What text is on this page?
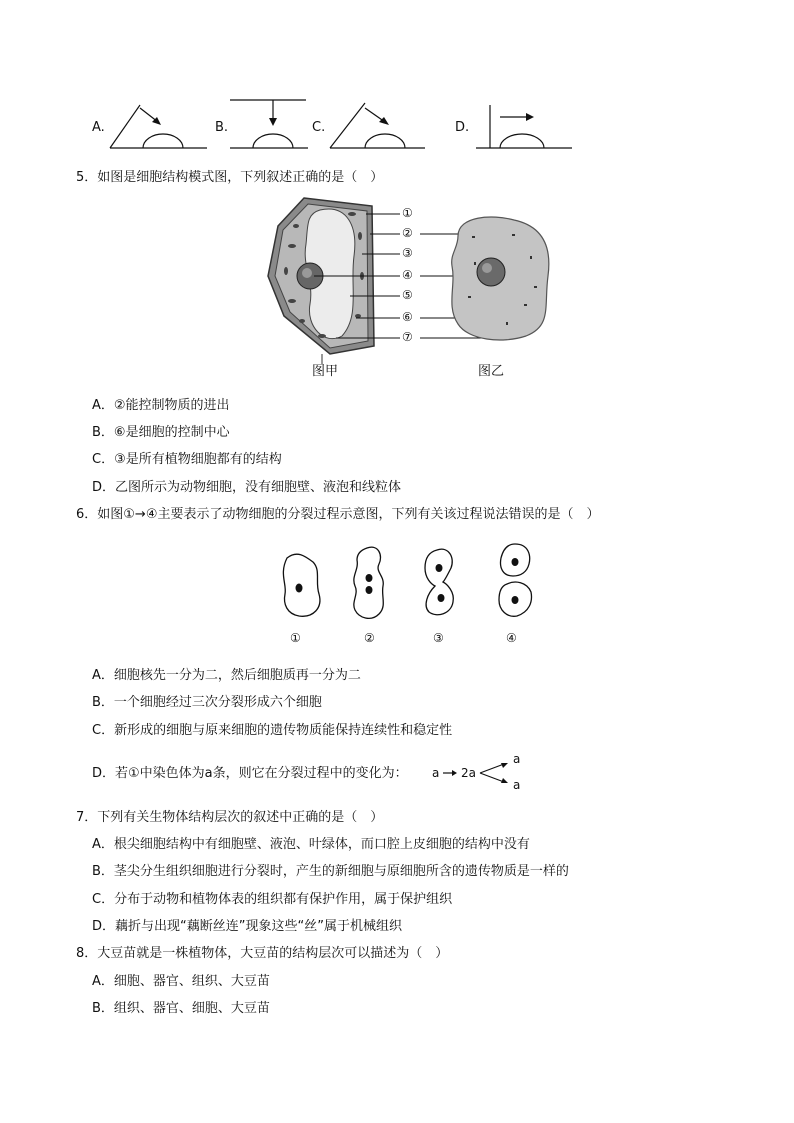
A.	B.	C.	D.
5．如图是细胞结构模式图，下列叙述正确的是（　）
①
②
③
④
⑤
⑥
⑦
图甲	图乙
A．②能控制物质的进出
B．⑥是细胞的控制中心
C．③是所有植物细胞都有的结构
D．乙图所示为动物细胞，没有细胞壁、液泡和线粒体
6．如图①→④主要表示了动物细胞的分裂过程示意图，下列有关该过程说法错误的是（　）
①	②	③	④
A．细胞核先一分为二，然后细胞质再一分为二
B．一个细胞经过三次分裂形成六个细胞
C．新形成的细胞与原来细胞的遗传物质能保持连续性和稳定性
D．若①中染色体为a条，则它在分裂过程中的变化为： a 2a
a
a
7．下列有关生物体结构层次的叙述中正确的是（　）
A．根尖细胞结构中有细胞壁、液泡、叶绿体，而口腔上皮细胞的结构中没有
B．茎尖分生组织细胞进行分裂时，产生的新细胞与原细胞所含的遗传物质是一样的
C．分布于动物和植物体表的组织都有保护作用，属于保护组织
D．藕折与出现“藕断丝连”现象这些“丝”属于机械组织
8．大豆苗就是一株植物体，大豆苗的结构层次可以描述为（　）
A．细胞、器官、组织、大豆苗
B．组织、器官、细胞、大豆苗
